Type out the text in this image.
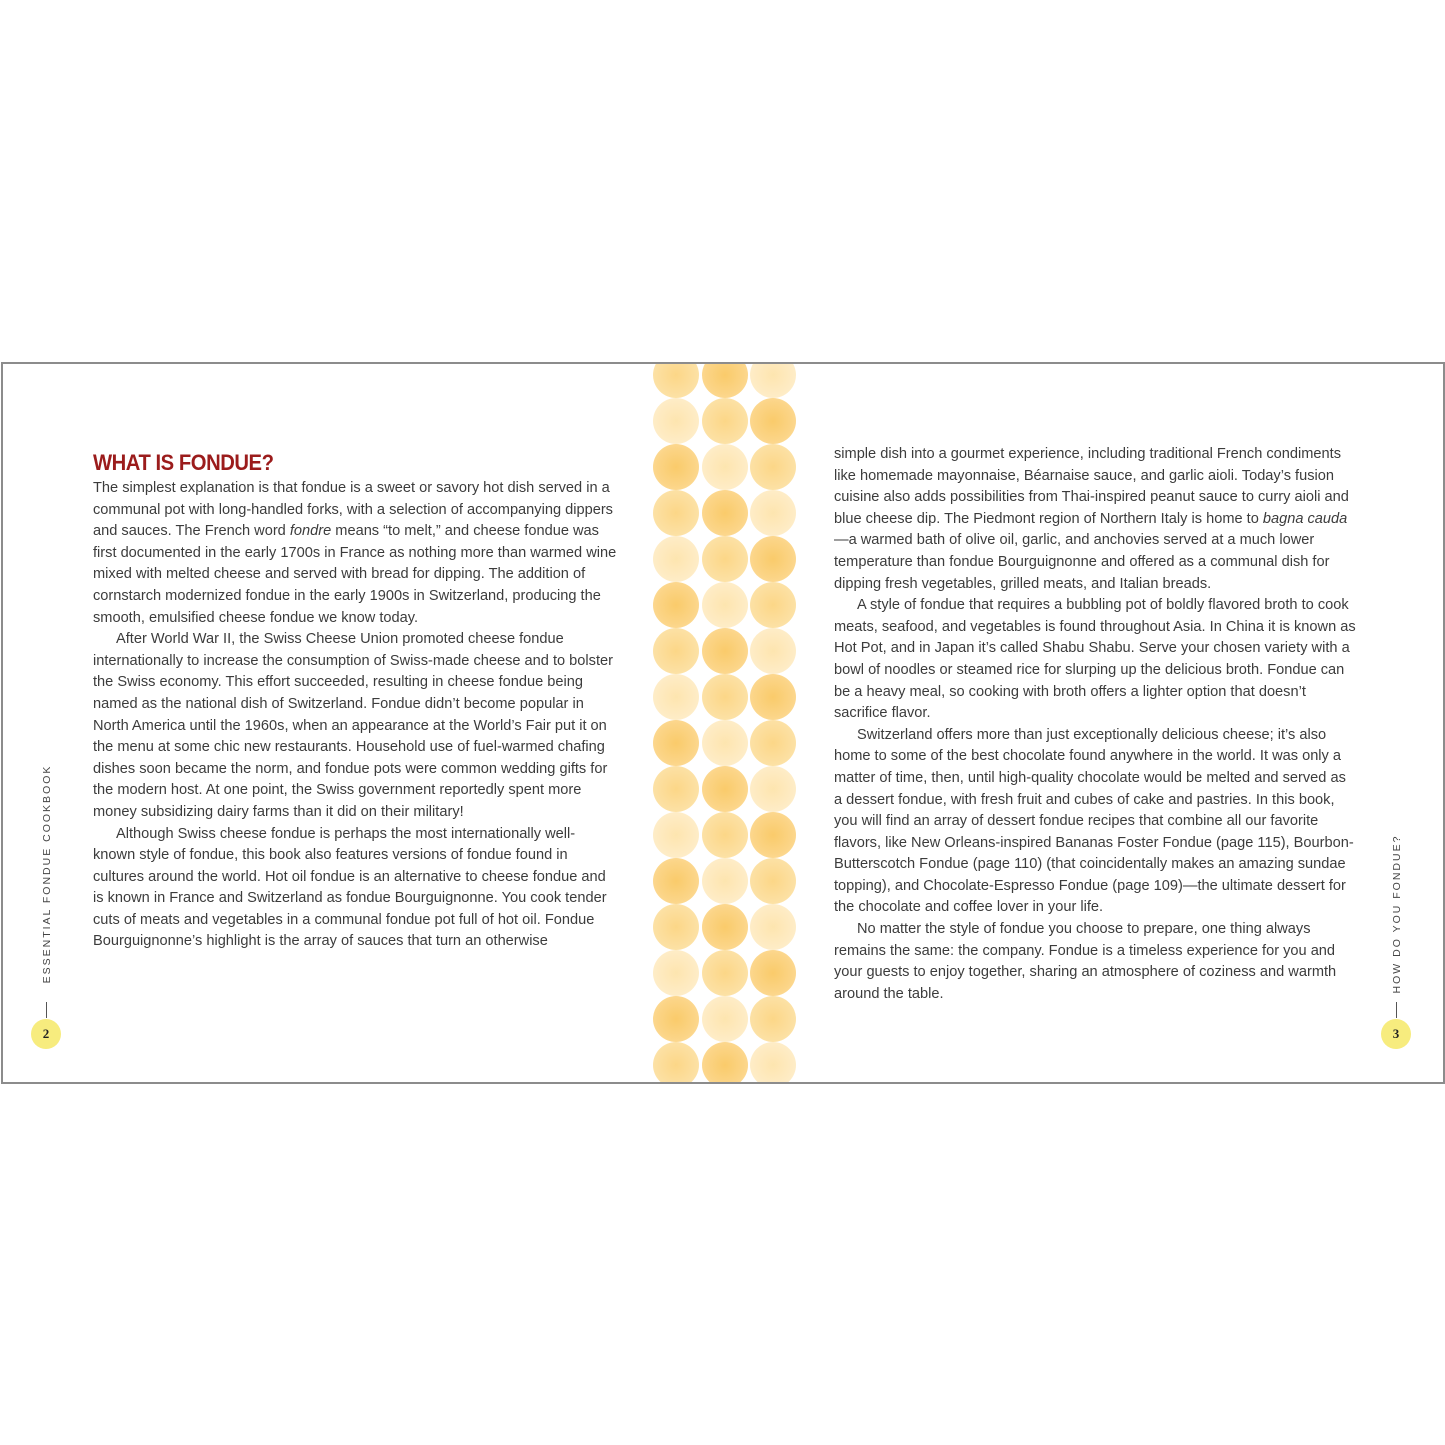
WHAT IS FONDUE?

The simplest explanation is that fondue is a sweet or savory hot dish served in a communal pot with long-handled forks, with a selection of accompanying dippers and sauces. The French word fondre means “to melt,” and cheese fondue was first documented in the early 1700s in France as nothing more than warmed wine mixed with melted cheese and served with bread for dipping. The addition of cornstarch modernized fondue in the early 1900s in Switzerland, producing the smooth, emulsified cheese fondue we know today.

After World War II, the Swiss Cheese Union promoted cheese fondue internationally to increase the consumption of Swiss-made cheese and to bolster the Swiss economy. This effort succeeded, resulting in cheese fondue being named as the national dish of Switzerland. Fondue didn’t become popular in North America until the 1960s, when an appearance at the World’s Fair put it on the menu at some chic new restaurants. Household use of fuel-warmed chafing dishes soon became the norm, and fondue pots were common wedding gifts for the modern host. At one point, the Swiss government reportedly spent more money subsidizing dairy farms than it did on their military!

Although Swiss cheese fondue is perhaps the most internationally well-known style of fondue, this book also features versions of fondue found in cultures around the world. Hot oil fondue is an alternative to cheese fondue and is known in France and Switzerland as fondue Bourguignonne. You cook tender cuts of meats and vegetables in a communal fondue pot full of hot oil. Fondue Bourguignonne’s highlight is the array of sauces that turn an otherwise

ESSENTIAL FONDUE COOKBOOK
2

simple dish into a gourmet experience, including traditional French condiments like homemade mayonnaise, Béarnaise sauce, and garlic aioli. Today’s fusion cuisine also adds possibilities from Thai-inspired peanut sauce to curry aioli and blue cheese dip. The Piedmont region of Northern Italy is home to bagna cauda—a warmed bath of olive oil, garlic, and anchovies served at a much lower temperature than fondue Bourguignonne and offered as a communal dish for dipping fresh vegetables, grilled meats, and Italian breads.

A style of fondue that requires a bubbling pot of boldly flavored broth to cook meats, seafood, and vegetables is found throughout Asia. In China it is known as Hot Pot, and in Japan it’s called Shabu Shabu. Serve your chosen variety with a bowl of noodles or steamed rice for slurping up the delicious broth. Fondue can be a heavy meal, so cooking with broth offers a lighter option that doesn’t sacrifice flavor.

Switzerland offers more than just exceptionally delicious cheese; it’s also home to some of the best chocolate found anywhere in the world. It was only a matter of time, then, until high-quality chocolate would be melted and served as a dessert fondue, with fresh fruit and cubes of cake and pastries. In this book, you will find an array of dessert fondue recipes that combine all our favorite flavors, like New Orleans-inspired Bananas Foster Fondue (page 115), Bourbon-Butterscotch Fondue (page 110) (that coincidentally makes an amazing sundae topping), and Chocolate-Espresso Fondue (page 109)—the ultimate dessert for the chocolate and coffee lover in your life.

No matter the style of fondue you choose to prepare, one thing always remains the same: the company. Fondue is a timeless experience for you and your guests to enjoy together, sharing an atmosphere of coziness and warmth around the table.

HOW DO YOU FONDUE?
3
